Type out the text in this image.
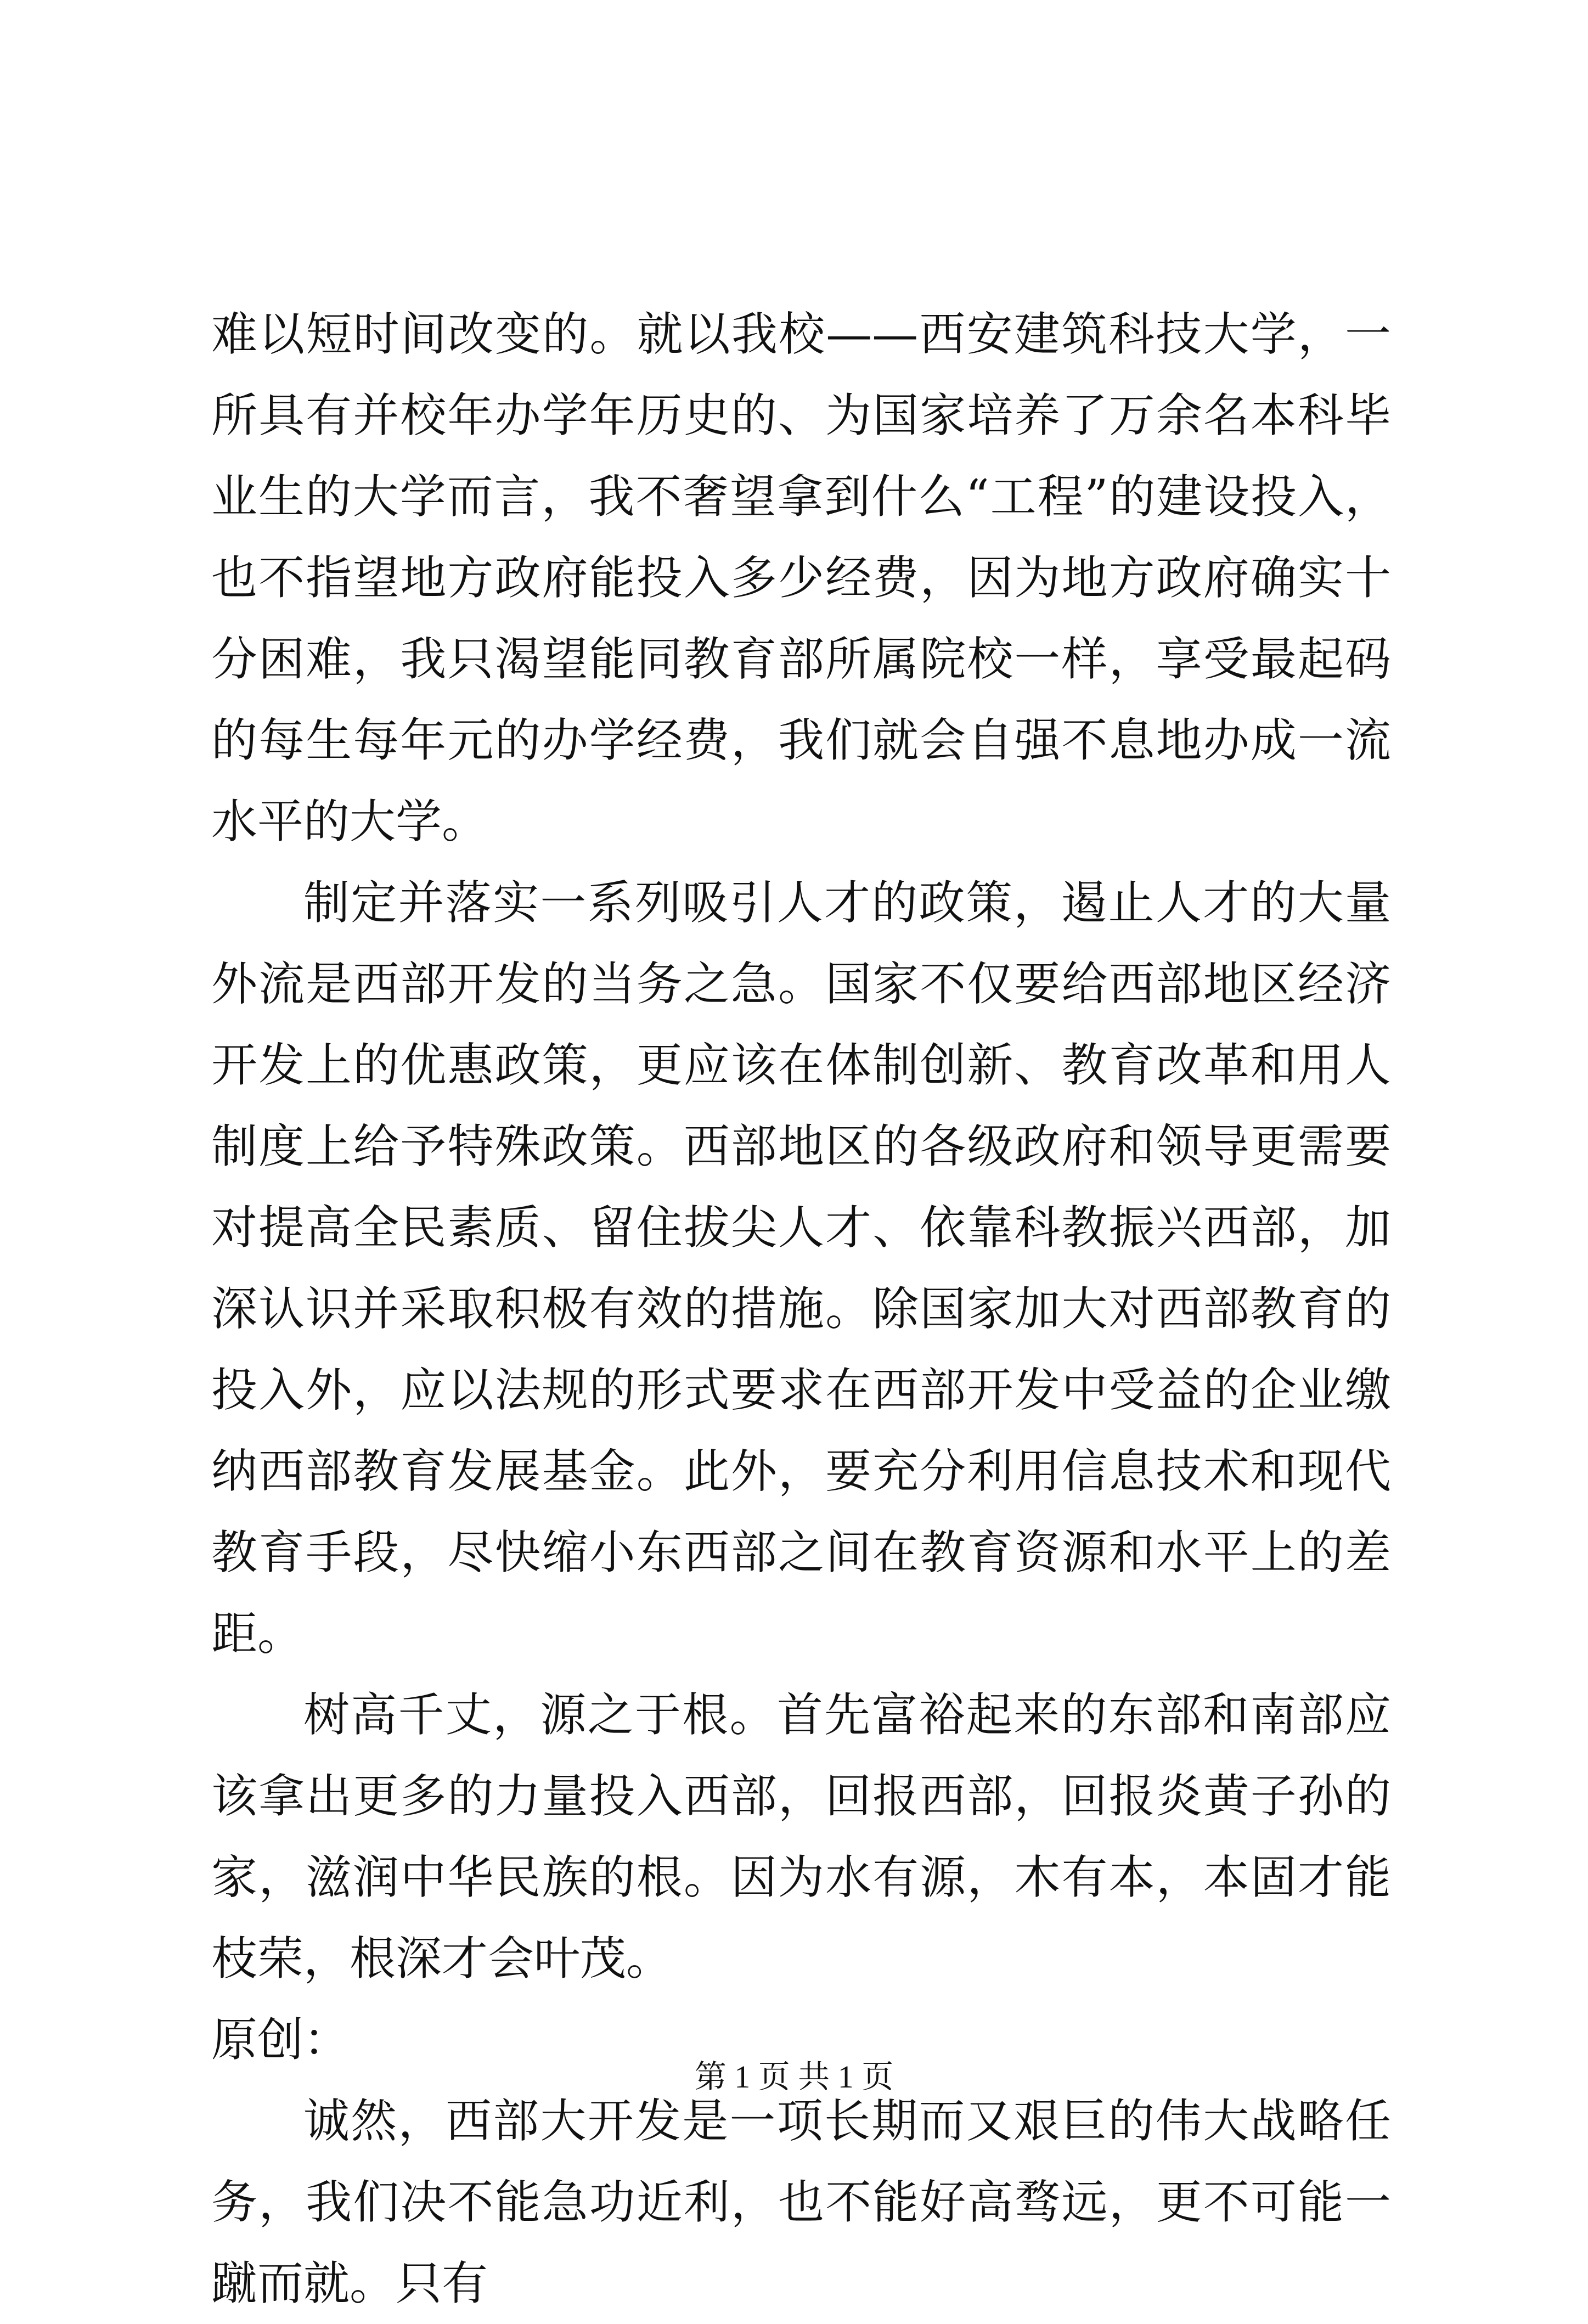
难以短时间改变的。就以我校——西安建筑科技大学，一所具有并校年办学年历史的、为国家培养了万余名本科毕业生的大学而言，我不奢望拿到什么“工程”的建设投入，也不指望地方政府能投入多少经费，因为地方政府确实十分困难，我只渴望能同教育部所属院校一样，享受最起码的每生每年元的办学经费，我们就会自强不息地办成一流水平的大学。

制定并落实一系列吸引人才的政策，遏止人才的大量外流是西部开发的当务之急。国家不仅要给西部地区经济开发上的优惠政策，更应该在体制创新、教育改革和用人制度上给予特殊政策。西部地区的各级政府和领导更需要对提高全民素质、留住拔尖人才、依靠科教振兴西部，加深认识并采取积极有效的措施。除国家加大对西部教育的投入外，应以法规的形式要求在西部开发中受益的企业缴纳西部教育发展基金。此外，要充分利用信息技术和现代教育手段，尽快缩小东西部之间在教育资源和水平上的差距。

树高千丈，源之于根。首先富裕起来的东部和南部应该拿出更多的力量投入西部，回报西部，回报炎黄子孙的家，滋润中华民族的根。因为水有源，木有本，本固才能枝荣，根深才会叶茂。

原创：

诚然，西部大开发是一项长期而又艰巨的伟大战略任务，我们决不能急功近利，也不能好高骛远，更不可能一蹴而就。只有

第 1 页 共 1 页
